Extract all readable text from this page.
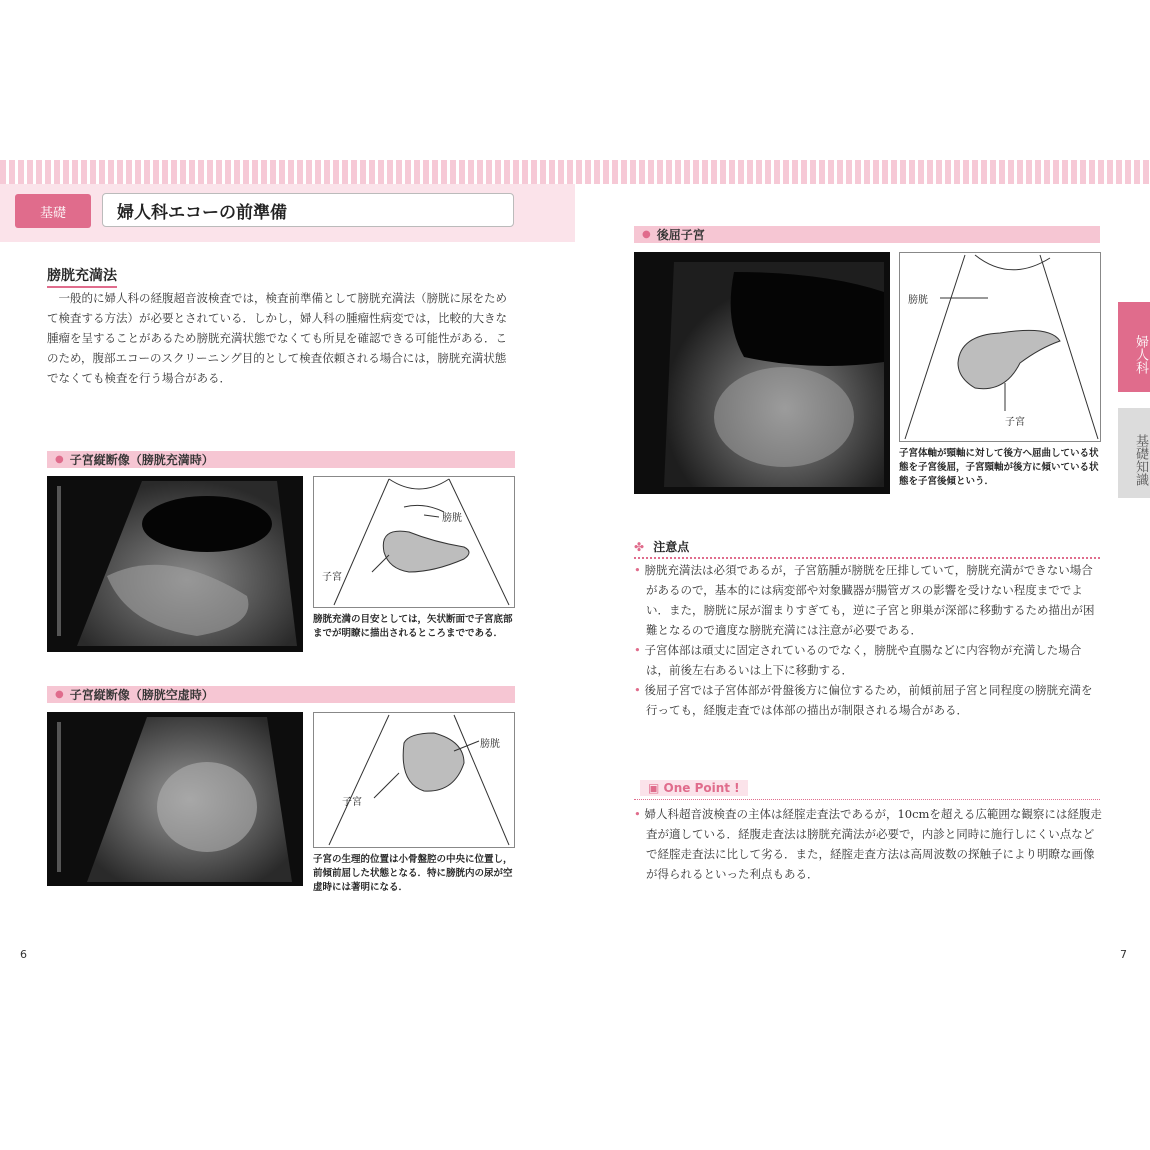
基礎	婦人科エコーの前準備
膀胱充満法
　一般的に婦人科の経腹超音波検査では，検査前準備として膀胱充満法（膀胱に尿をためて検査する方法）が必要とされている．しかし，婦人科の腫瘤性病変では，比較的大きな腫瘤を呈することがあるため膀胱充満状態でなくても所見を確認できる可能性がある．このため，腹部エコーのスクリーニング目的として検査依頼される場合には，膀胱充満状態でなくても検査を行う場合がある．
● 子宮縦断像（膀胱充満時）
子宮
膀胱
膀胱充満の目安としては，矢状断面で子宮底部までが明瞭に描出されるところまでである．
● 子宮縦断像（膀胱空虚時）
子宮
膀胱
子宮の生理的位置は小骨盤腔の中央に位置し，前傾前屈した状態となる．特に膀胱内の尿が空虚時には著明になる．
6
● 後屈子宮
膀胱
子宮
子宮体軸が頸軸に対して後方へ屈曲している状態を子宮後屈，子宮頸軸が後方に傾いている状態を子宮後傾という．
✤ 注意点
• 膀胱充満法は必須であるが，子宮筋腫が膀胱を圧排していて，膀胱充満ができない場合があるので，基本的には病変部や対象臓器が腸管ガスの影響を受けない程度まででよい．また，膀胱に尿が溜まりすぎても，逆に子宮と卵巣が深部に移動するため描出が困難となるので適度な膀胱充満には注意が必要である．
• 子宮体部は頑丈に固定されているのでなく，膀胱や直腸などに内容物が充満した場合は，前後左右あるいは上下に移動する．
• 後屈子宮では子宮体部が骨盤後方に偏位するため，前傾前屈子宮と同程度の膀胱充満を行っても，経腹走査では体部の描出が制限される場合がある．
▣ One Point !
• 婦人科超音波検査の主体は経腟走査法であるが，10cmを超える広範囲な観察には経腹走査が適している．経腹走査法は膀胱充満法が必要で，内診と同時に施行しにくい点などで経腟走査法に比して劣る．また，経腟走査方法は高周波数の探触子により明瞭な画像が得られるといった利点もある．
7
婦人科
基礎知識
